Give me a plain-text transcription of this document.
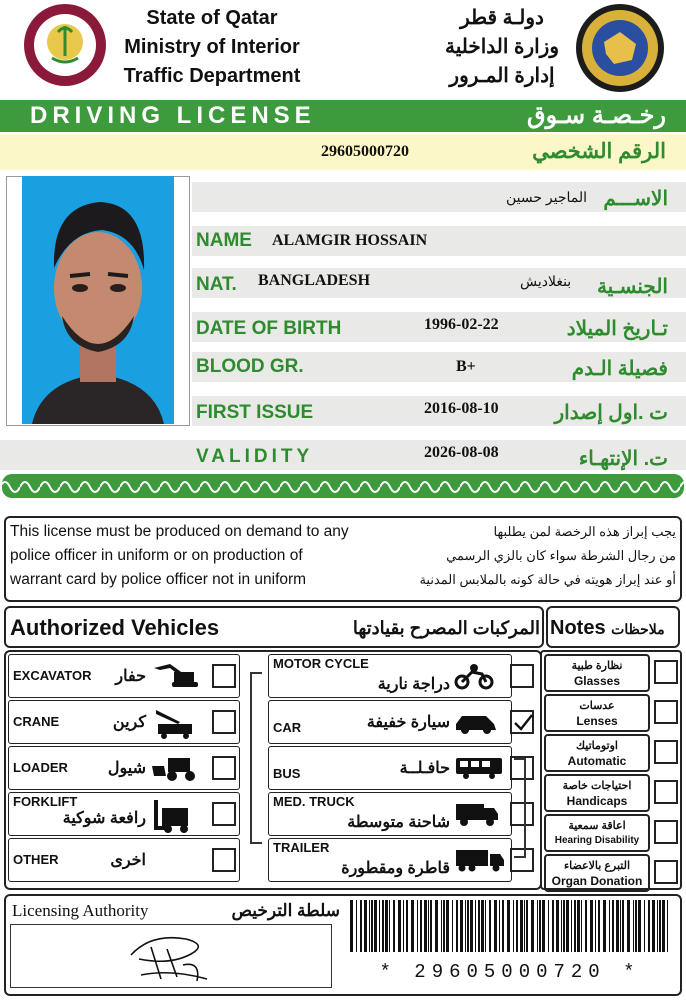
State of Qatar
Ministry of Interior
Traffic Department
دولـة قطر
وزارة الداخلية
إدارة المـرور
DRIVING LICENSE	رخـصـة سـوق
29605000720	الرقم الشخصي
الماجير حسين الاســـم
NAME ALAMGIR HOSSAIN
NAT. BANGLADESH	بنغلاديش الجنسـية
DATE OF BIRTH	1996-02-22	تـاريخ الميلاد
BLOOD GR.	B+	فصيلة الـدم
FIRST ISSUE	2016-08-10	ت .اول إصدار
VALIDITY	2026-08-08	ت. الإنتهـاء
This license must be produced on demand to any
police officer in uniform or on production of
warrant card by police officer not in uniform
يجب إبراز هذه الرخصة لمن يطلبها
من رجال الشرطة سواء كان بالزي الرسمي
أو عند إبراز هويته في حالة كونه بالملابس المدنية
Authorized Vehicles	المركبات المصرح بقيادتها Notes ملاحظات
EXCAVATOR	حفار
CRANE	كرين
LOADER	شيول
FORKLIFT
رافعة شوكية
OTHER	اخرى
MOTOR CYCLE
دراجة نارية
CAR	سيارة خفيفة
BUS	حافـلــة
MED. TRUCK
شاحنة متوسطة
TRAILER
قاطرة ومقطورة
نظارة طبية
Glasses
عدسات
Lenses
اوتوماتيك
Automatic
احتياجات خاصة
Handicaps
اعاقة سمعية
Hearing Disability
التبرع بالاعضاء
Organ Donation
Licensing Authority	سلطة الترخيص
* 29605000720 *
